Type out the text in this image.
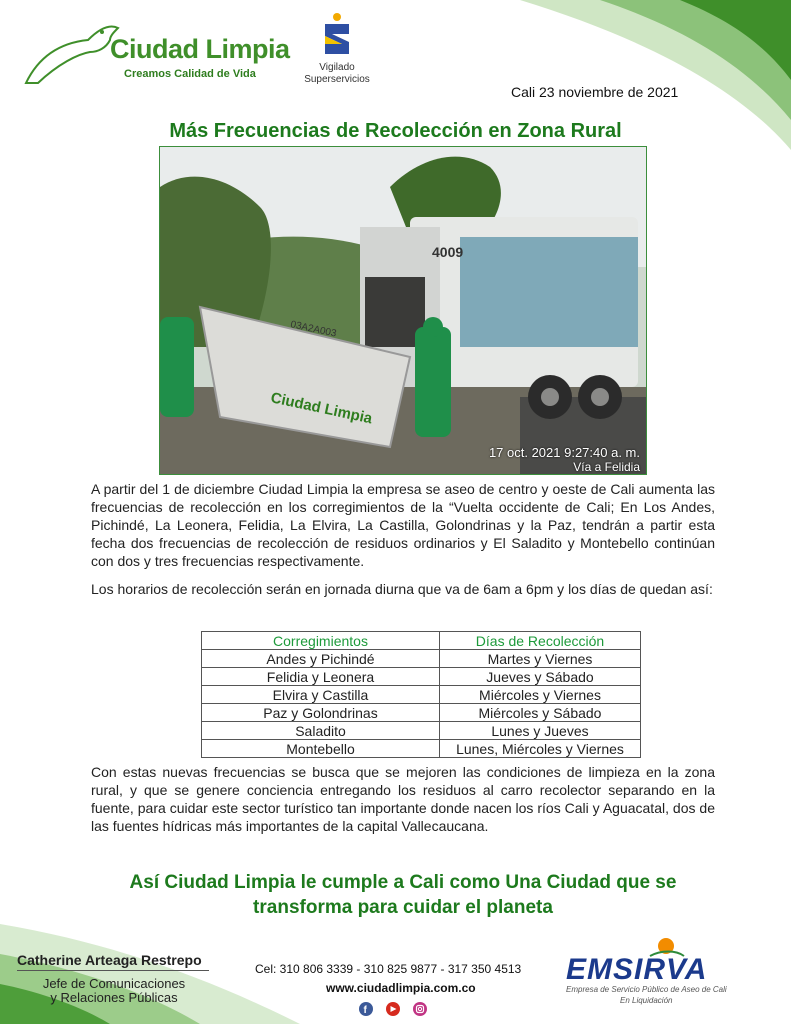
Ciudad Limpia
Creamos Calidad de Vida
Vigilado
Superservicios
Cali 23 noviembre de 2021
Más Frecuencias de Recolección en Zona Rural
4009
03A2A003
Ciudad Limpia
17 oct. 2021 9:27:40 a. m.
Vía a Felidia
A partir del 1 de diciembre Ciudad Limpia la empresa se aseo de centro y oeste de Cali aumenta las frecuencias de recolección en los corregimientos de la “Vuelta occidente de Cali; En Los Andes, Pichindé, La Leonera, Felidia, La Elvira, La Castilla, Golondrinas y la Paz, tendrán a partir esta fecha dos frecuencias de recolección de residuos ordinarios y El Saladito y Montebello continúan con dos y tres frecuencias respectivamente.
Los horarios de recolección serán en jornada diurna que va de 6am a 6pm y los días de quedan así:
Corregimientos	Días de Recolección
Andes y Pichindé	Martes y Viernes
Felidia y Leonera	Jueves y Sábado
Elvira y Castilla	Miércoles y Viernes
Paz y Golondrinas	Miércoles y Sábado
Saladito	Lunes y Jueves
Montebello	Lunes, Miércoles y Viernes
Con estas nuevas frecuencias se busca que se mejoren las condiciones de limpieza en la zona rural, y que se genere conciencia entregando los residuos al carro recolector separando en la fuente, para cuidar este sector turístico tan importante donde nacen los ríos Cali y Aguacatal, dos de las fuentes hídricas más importantes de la capital Vallecaucana.
Así Ciudad Limpia le cumple a Cali como Una Ciudad que se transforma para cuidar el planeta
Catherine Arteaga Restrepo
Jefe de Comunicaciones
y Relaciones Públicas
Cel: 310 806 3339 - 310 825 9877 - 317 350 4513
www.ciudadlimpia.com.co
f
EMSIRVA
Empresa de Servicio Público de Aseo de Cali
En Liquidación
